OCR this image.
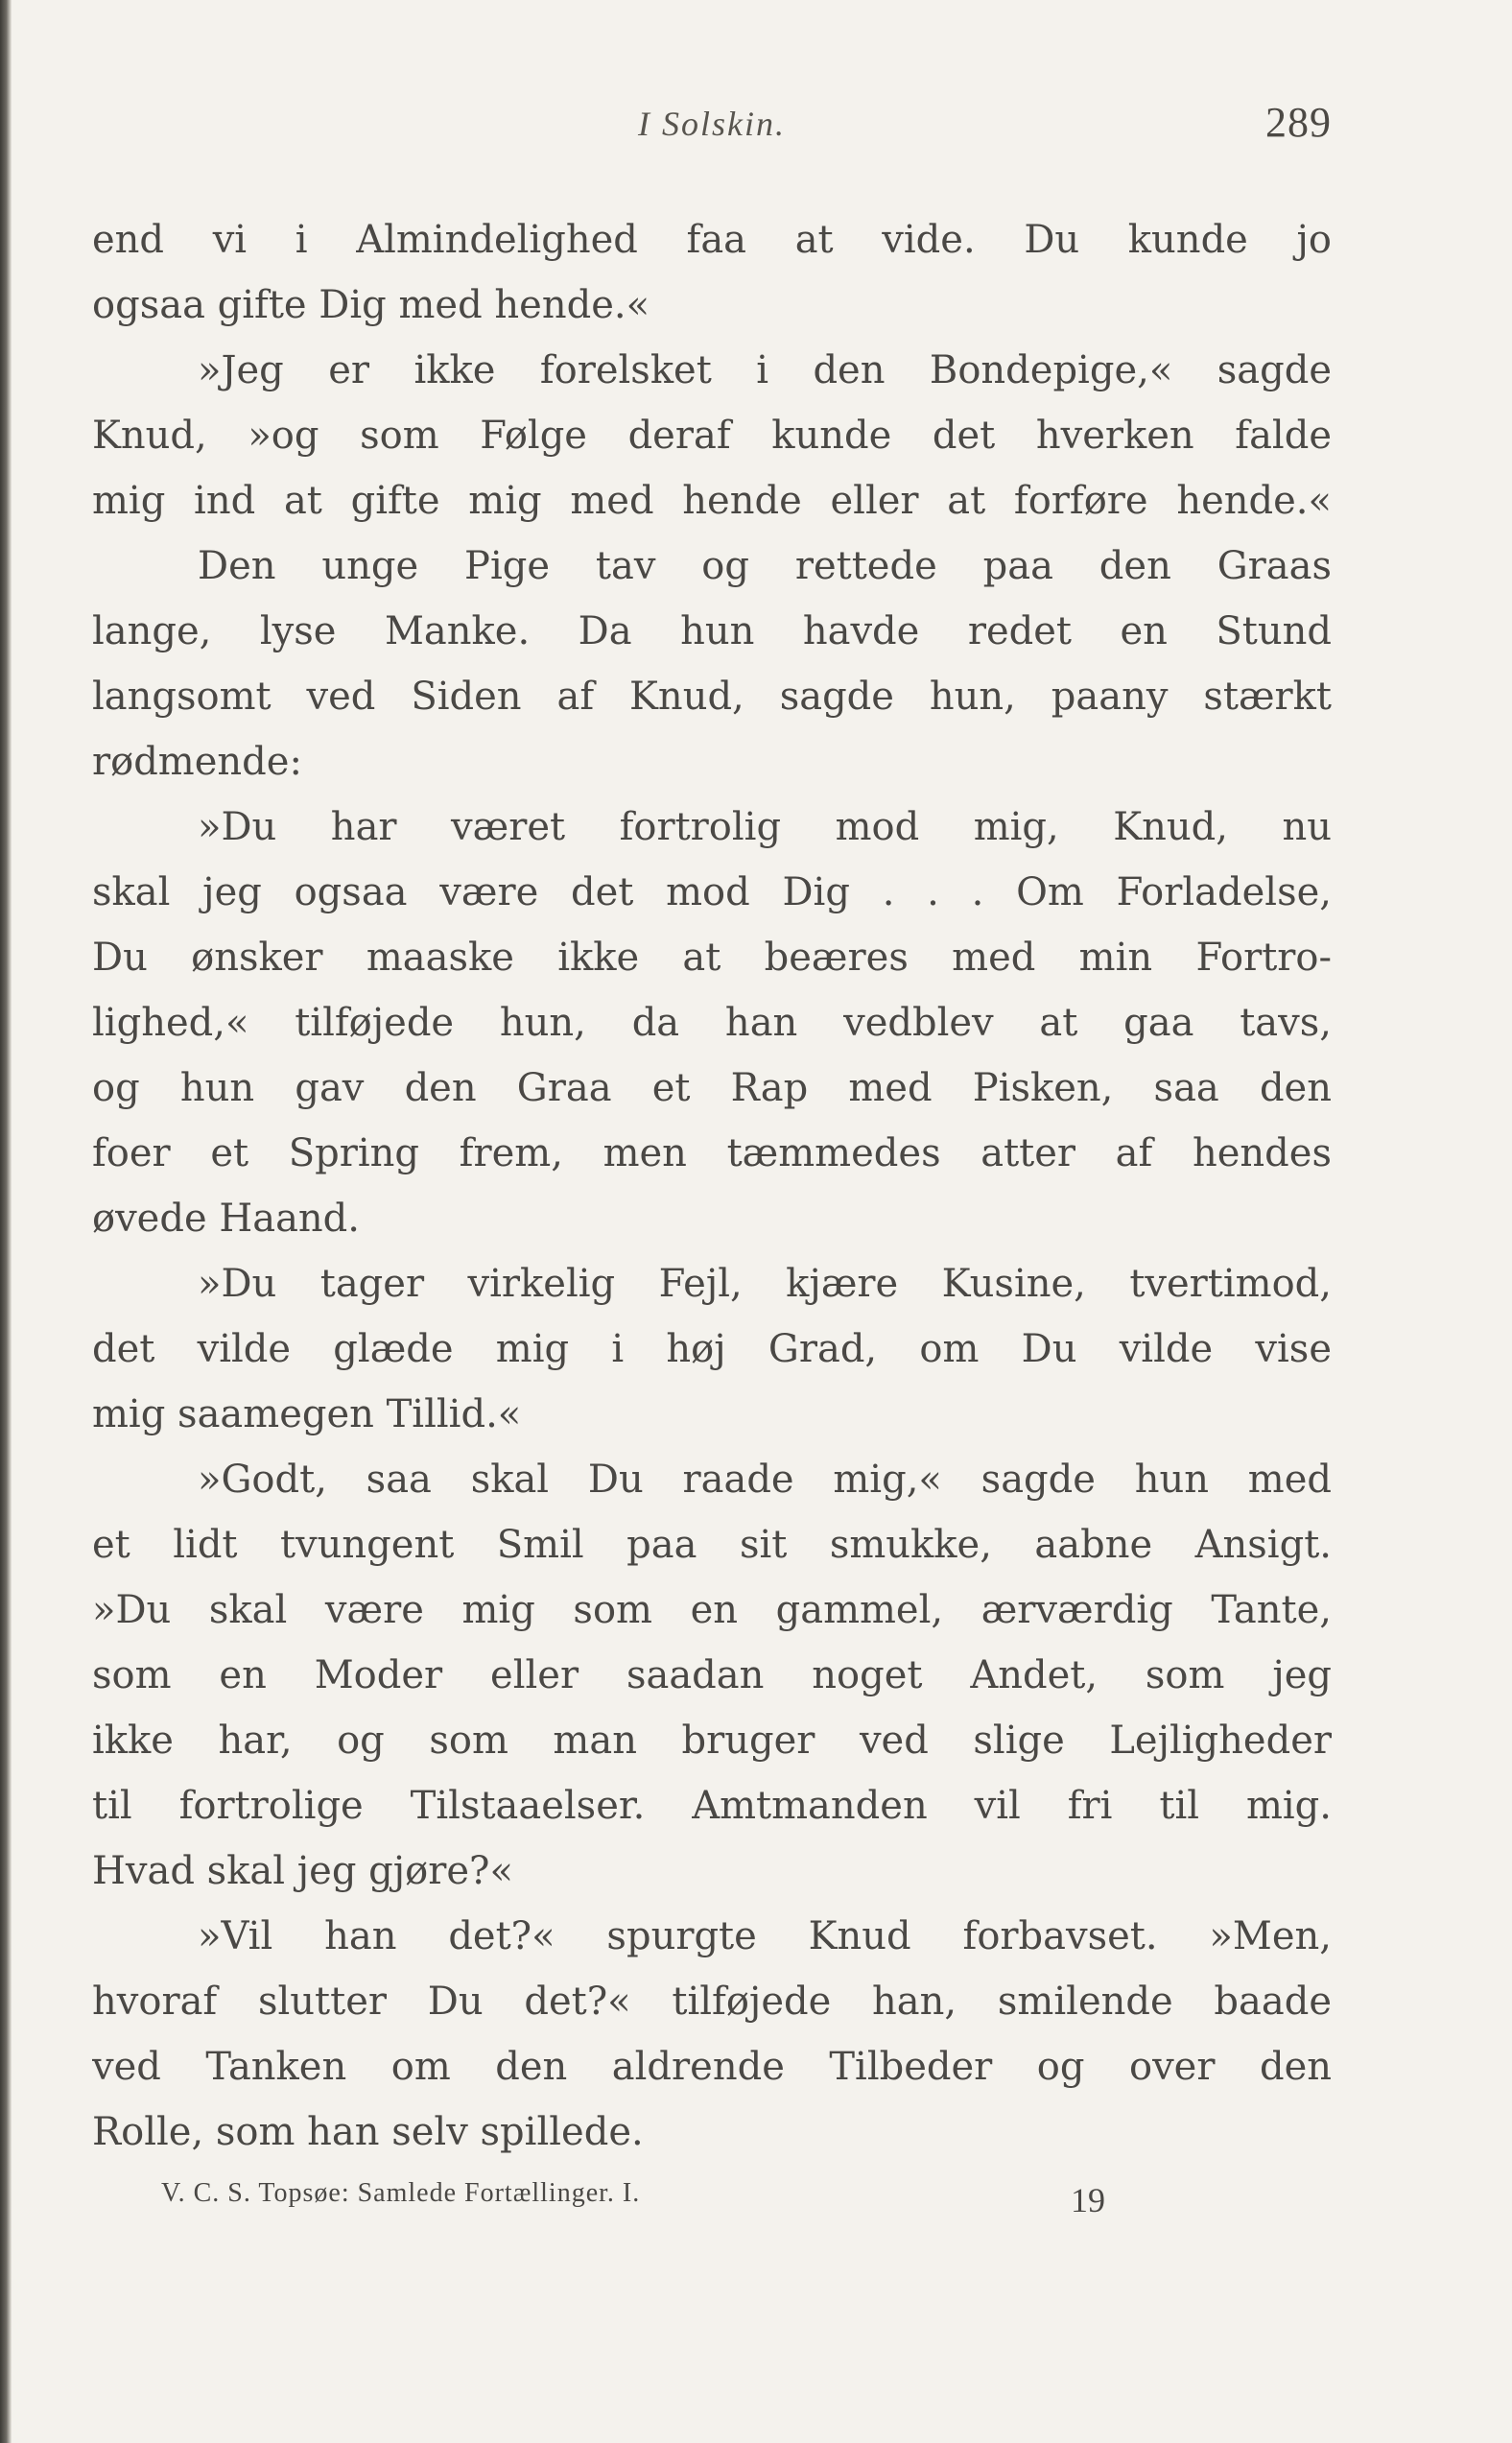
I Solskin.	289
end vi i Almindelighed faa at vide. Du kunde jo
ogsaa gifte Dig med hende.«
»Jeg er ikke forelsket i den Bondepige,« sagde
Knud, »og som Følge deraf kunde det hverken falde
mig ind at gifte mig med hende eller at forføre hende.«
Den unge Pige tav og rettede paa den Graas
lange, lyse Manke. Da hun havde redet en Stund
langsomt ved Siden af Knud, sagde hun, paany stærkt
rødmende:
»Du har været fortrolig mod mig, Knud, nu
skal jeg ogsaa være det mod Dig . . . Om Forladelse,
Du ønsker maaske ikke at beæres med min Fortro-
lighed,« tilføjede hun, da han vedblev at gaa tavs,
og hun gav den Graa et Rap med Pisken, saa den
foer et Spring frem, men tæmmedes atter af hendes
øvede Haand.
»Du tager virkelig Fejl, kjære Kusine, tvertimod,
det vilde glæde mig i høj Grad, om Du vilde vise
mig saamegen Tillid.«
»Godt, saa skal Du raade mig,« sagde hun med
et lidt tvungent Smil paa sit smukke, aabne Ansigt.
»Du skal være mig som en gammel, ærværdig Tante,
som en Moder eller saadan noget Andet, som jeg
ikke har, og som man bruger ved slige Lejligheder
til fortrolige Tilstaaelser. Amtmanden vil fri til mig.
Hvad skal jeg gjøre?«
»Vil han det?« spurgte Knud forbavset. »Men,
hvoraf slutter Du det?« tilføjede han, smilende baade
ved Tanken om den aldrende Tilbeder og over den
Rolle, som han selv spillede.
V. C. S. Topsøe: Samlede Fortællinger. I.	19
